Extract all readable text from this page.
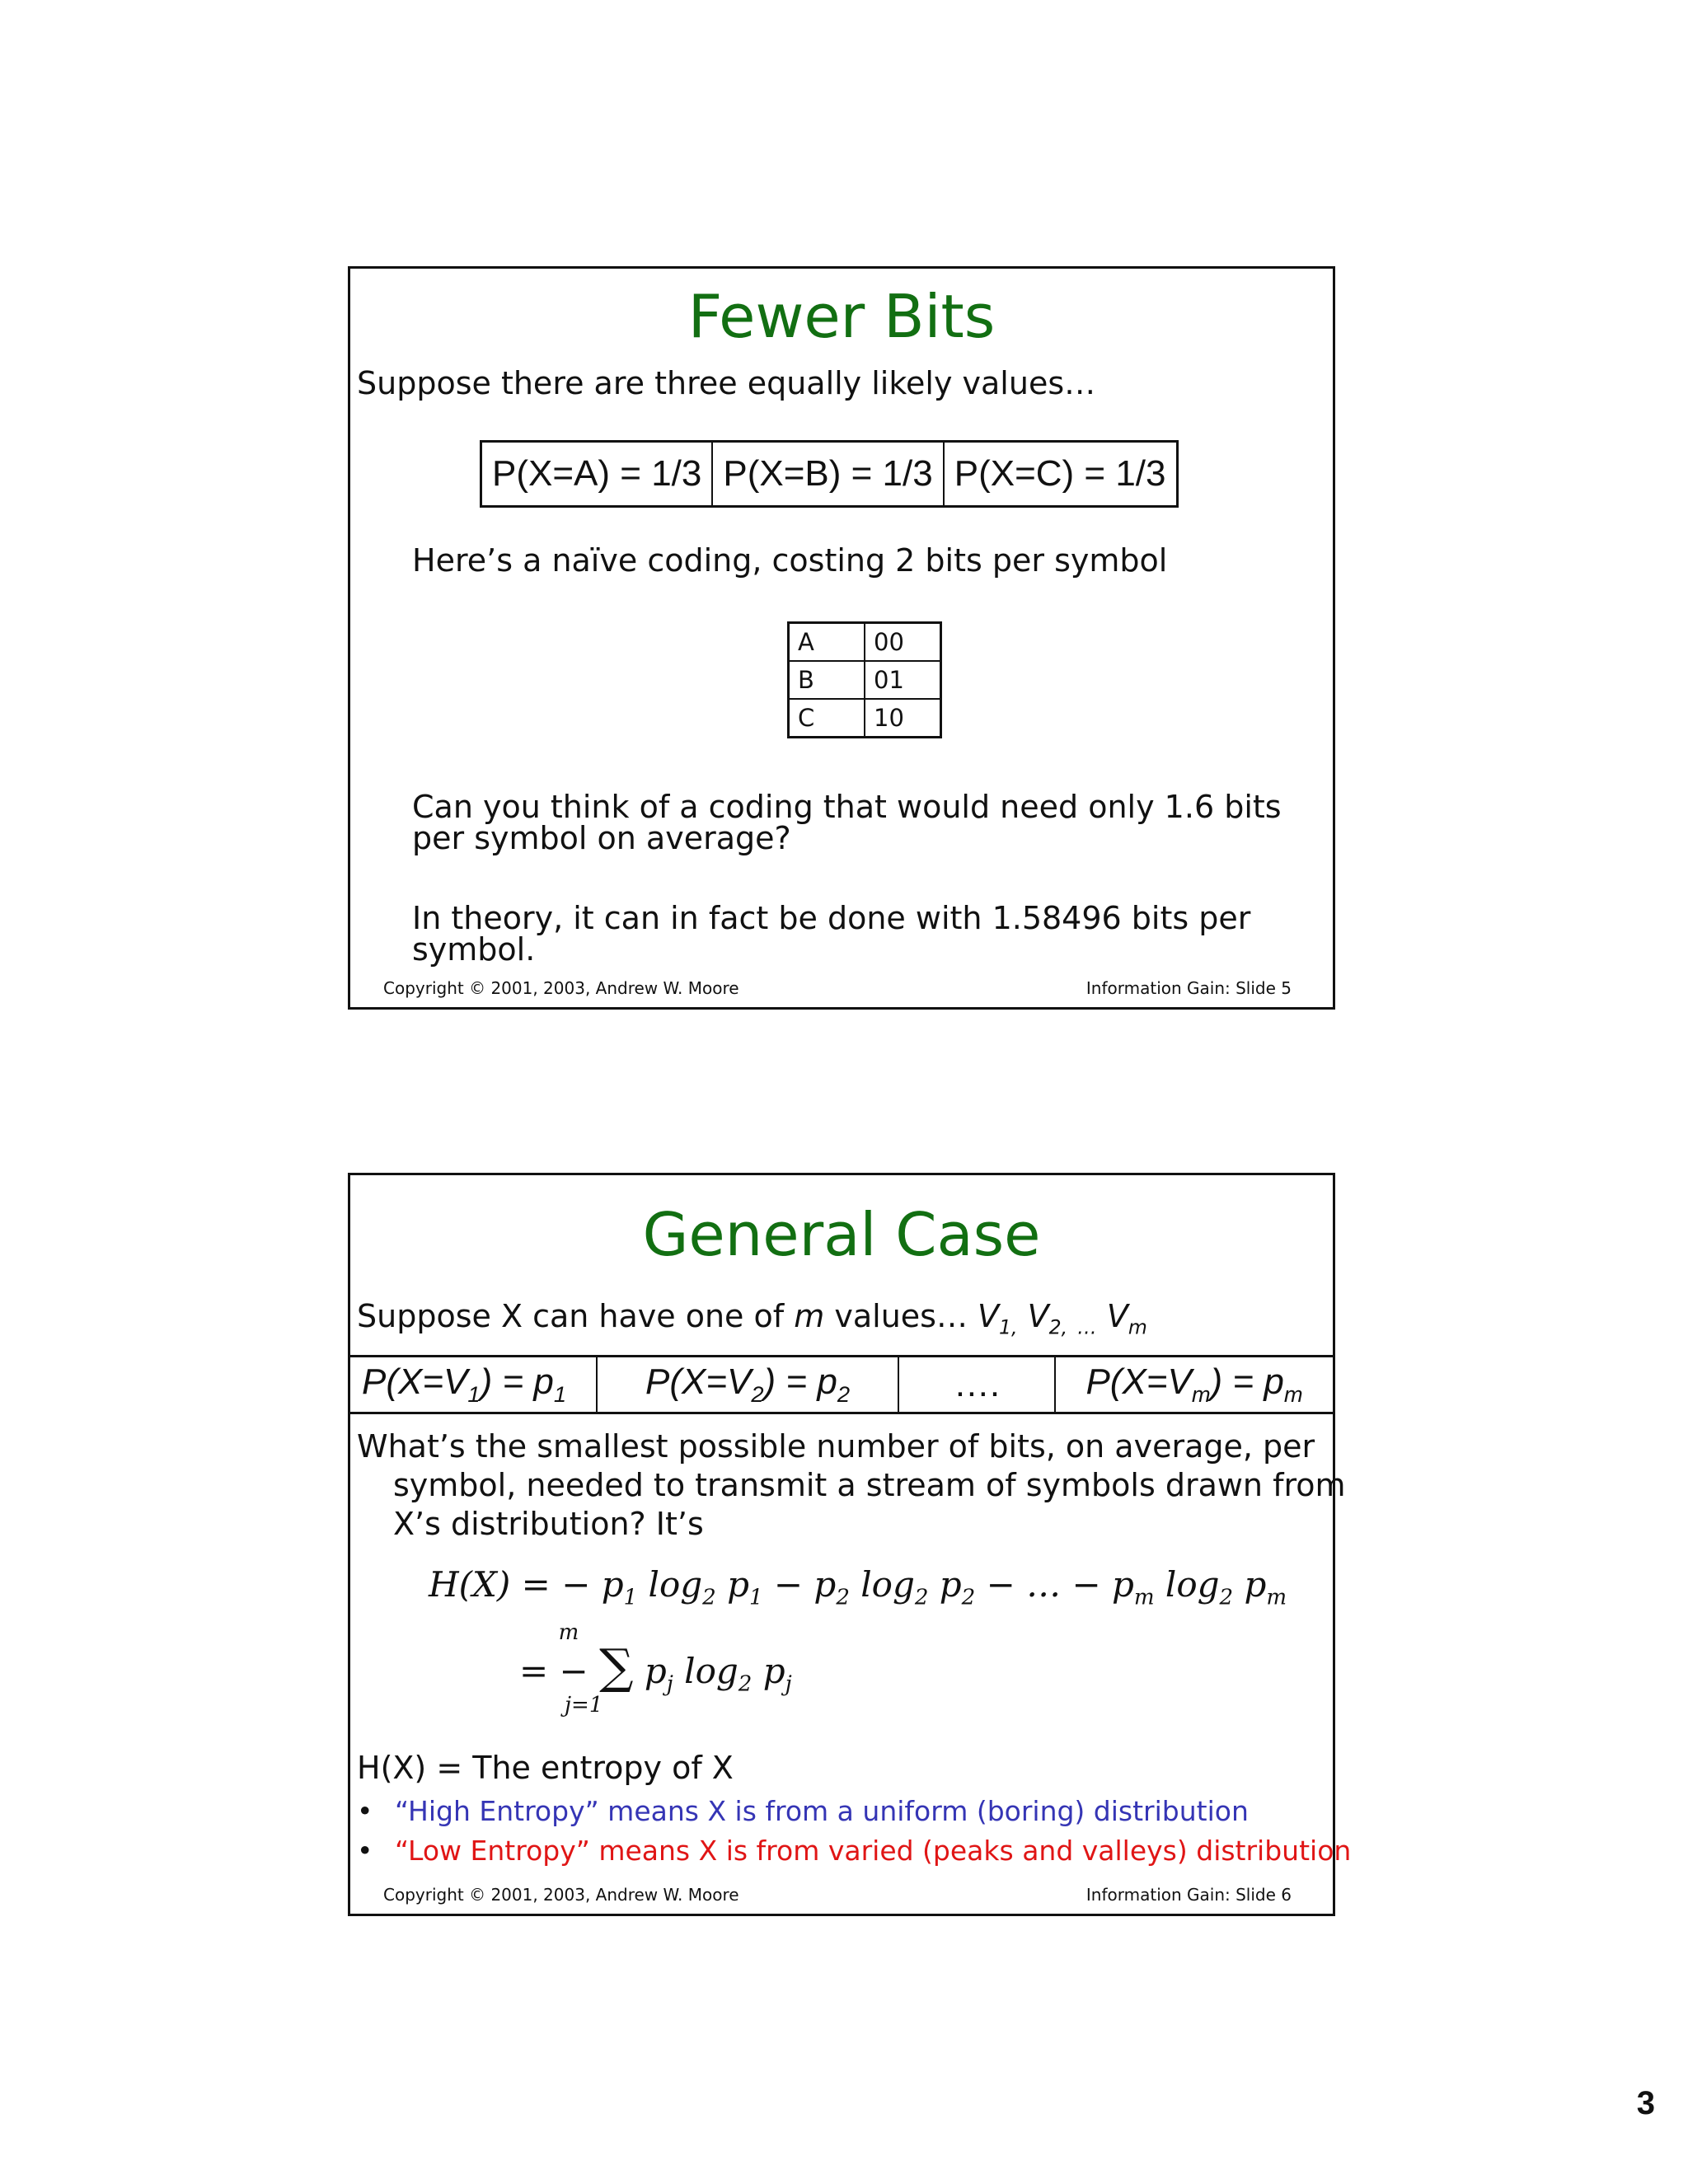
Fewer Bits
Suppose there are three equally likely values…
P(X=A) = 1/3	P(X=B) = 1/3	P(X=C) = 1/3
Here’s a naïve coding, costing 2 bits per symbol
A	00
B	01
C	10
Can you think of a coding that would need only 1.6 bits
per symbol on average?
In theory, it can in fact be done with 1.58496 bits per
symbol.
Copyright © 2001, 2003, Andrew W. Moore	Information Gain: Slide 5
General Case
Suppose X can have one of m values… $V_{1,}$ $V_{2,}$ $_\dots$ $V_m$
$P(X=V_1) = p_1$	$P(X=V_2) = p_2$	….	$P(X=V_m) = p_m$
What’s the smallest possible number of bits, on average, per
symbol, needed to transmit a stream of symbols drawn from
X’s distribution? It’s
H(X) = − $p_1$ $\log_2 p_1 - p_2$ $\log_2 p_2$ − … − $p_m$ $\log_2 p_m$
m
= − ∑ $p_j$ $\log_2 p_j$
j=1
H(X) = The entropy of X
• “High Entropy” means X is from a uniform (boring) distribution
• “Low Entropy” means X is from varied (peaks and valleys) distribution
Copyright © 2001, 2003, Andrew W. Moore	Information Gain: Slide 6
3
